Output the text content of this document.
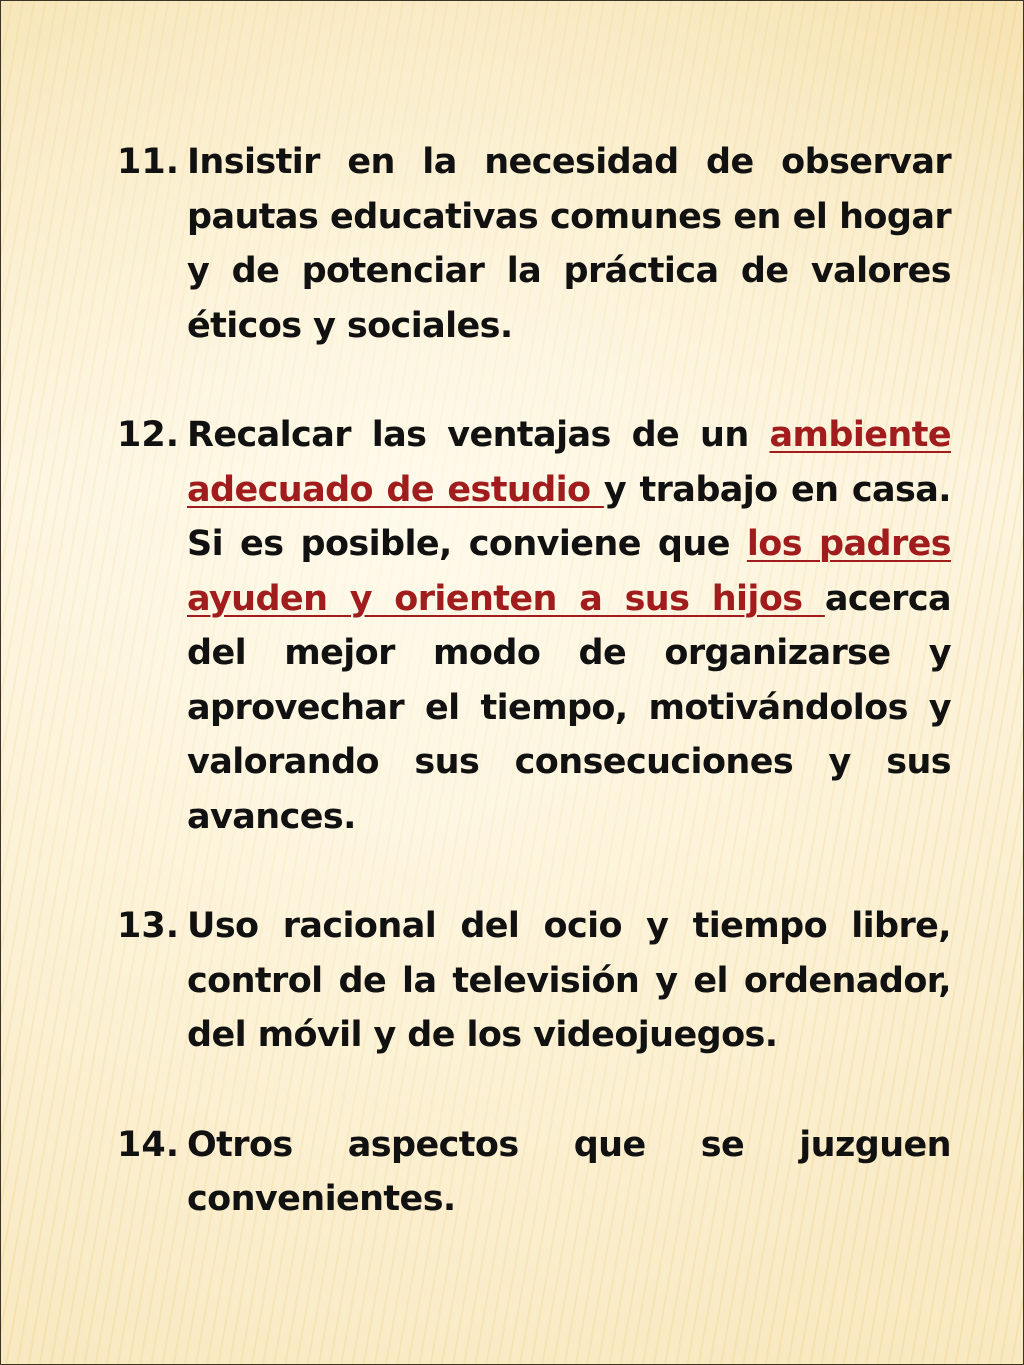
11. Insistir en la necesidad de observar pautas educativas comunes en el hogar y de potenciar la práctica de valores éticos y sociales.
12. Recalcar las ventajas de un ambiente adecuado de estudio y trabajo en casa. Si es posible, conviene que los padres ayuden y orienten a sus hijos acerca del mejor modo de organizarse y aprovechar el tiempo, motivándolos y valorando sus consecuciones y sus avances.
13. Uso racional del ocio y tiempo libre, control de la televisión y el ordenador, del móvil y de los videojuegos.
14. Otros aspectos que se juzguen convenientes.
